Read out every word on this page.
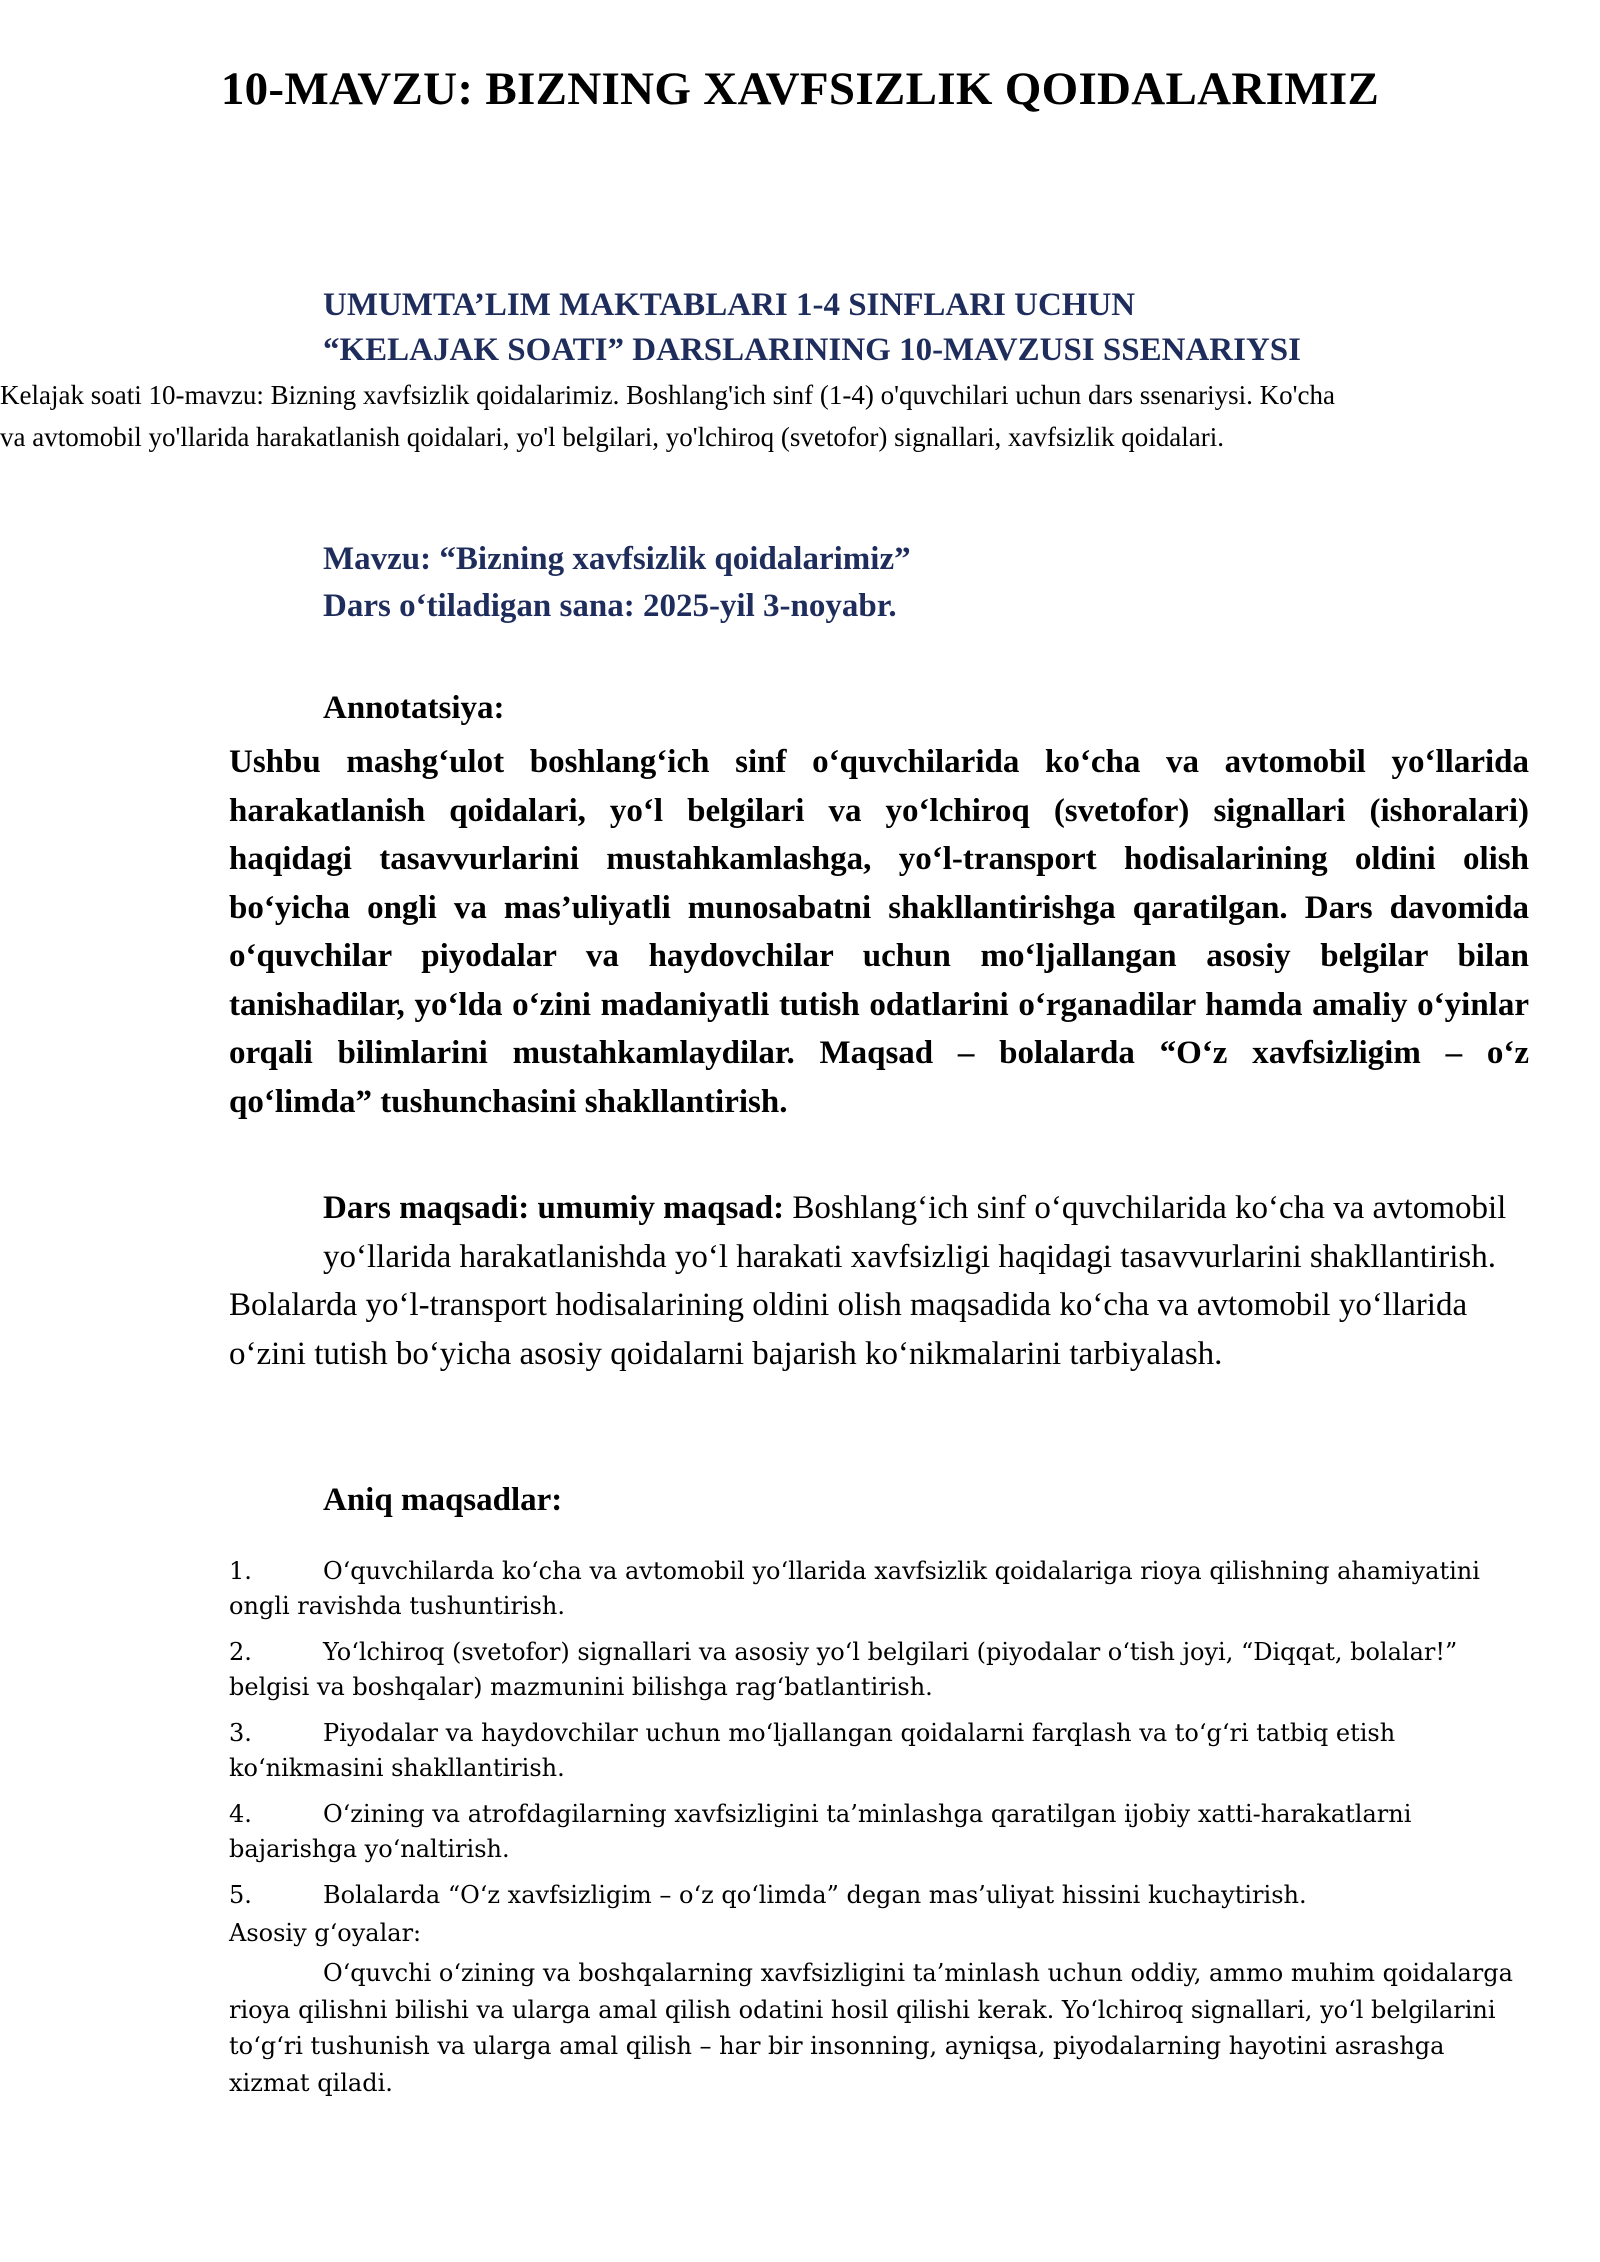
10-MAVZU: BIZNING XAVFSIZLIK QOIDALARIMIZ
UMUMTA’LIM MAKTABLARI 1-4 SINFLARI UCHUN
“KELAJAK SOATI” DARSLARINING 10-MAVZUSI SSENARIYSI
Kelajak soati 10-mavzu: Bizning xavfsizlik qoidalarimiz. Boshlang'ich sinf (1-4) o'quvchilari uchun dars ssenariysi. Ko'cha
va avtomobil yo'llarida harakatlanish qoidalari, yo'l belgilari, yo'lchiroq (svetofor) signallari, xavfsizlik qoidalari.
Mavzu: “Bizning xavfsizlik qoidalarimiz”
Dars o‘tiladigan sana: 2025-yil 3-noyabr.
Annotatsiya:
Ushbu mashg‘ulot boshlang‘ich sinf o‘quvchilarida ko‘cha va avtomobil yo‘llarida harakatlanish qoidalari, yo‘l belgilari va yo‘lchiroq (svetofor) signallari (ishoralari) haqidagi tasavvurlarini mustahkamlashga, yo‘l-transport hodisalarining oldini olish bo‘yicha ongli va mas’uliyatli munosabatni shakllantirishga qaratilgan. Dars davomida o‘quvchilar piyodalar va haydovchilar uchun mo‘ljallangan asosiy belgilar bilan tanishadilar, yo‘lda o‘zini madaniyatli tutish odatlarini o‘rganadilar hamda amaliy o‘yinlar orqali bilimlarini mustahkamlaydilar. Maqsad – bolalarda “O‘z xavfsizligim – o‘z qo‘limda” tushunchasini shakllantirish.
Dars maqsadi: umumiy maqsad: Boshlang‘ich sinf o‘quvchilarida ko‘cha va avtomobil yo‘llarida harakatlanishda yo‘l harakati xavfsizligi haqidagi tasavvurlarini shakllantirish.
Bolalarda yo‘l-transport hodisalarining oldini olish maqsadida ko‘cha va avtomobil yo‘llarida o‘zini tutish bo‘yicha asosiy qoidalarni bajarish ko‘nikmalarini tarbiyalash.
Aniq maqsadlar:
1.	O‘quvchilarda ko‘cha va avtomobil yo‘llarida xavfsizlik qoidalariga rioya qilishning ahamiyatini ongli ravishda tushuntirish.
2.	Yo‘lchiroq (svetofor) signallari va asosiy yo‘l belgilari (piyodalar o‘tish joyi, “Diqqat, bolalar!” belgisi va boshqalar) mazmunini bilishga rag‘batlantirish.
3.	Piyodalar va haydovchilar uchun mo‘ljallangan qoidalarni farqlash va to‘g‘ri tatbiq etish ko‘nikmasini shakllantirish.
4.	O‘zining va atrofdagilarning xavfsizligini ta’minlashga qaratilgan ijobiy xatti-harakatlarni bajarishga yo‘naltirish.
5.	Bolalarda “O‘z xavfsizligim – o‘z qo‘limda” degan mas’uliyat hissini kuchaytirish.
Asosiy g‘oyalar:

O‘quvchi o‘zining va boshqalarning xavfsizligini ta’minlash uchun oddiy, ammo muhim qoidalarga rioya qilishni bilishi va ularga amal qilish odatini hosil qilishi kerak. Yo‘lchiroq signallari, yo‘l belgilarini to‘g‘ri tushunish va ularga amal qilish – har bir insonning, ayniqsa, piyodalarning hayotini asrashga xizmat qiladi.
